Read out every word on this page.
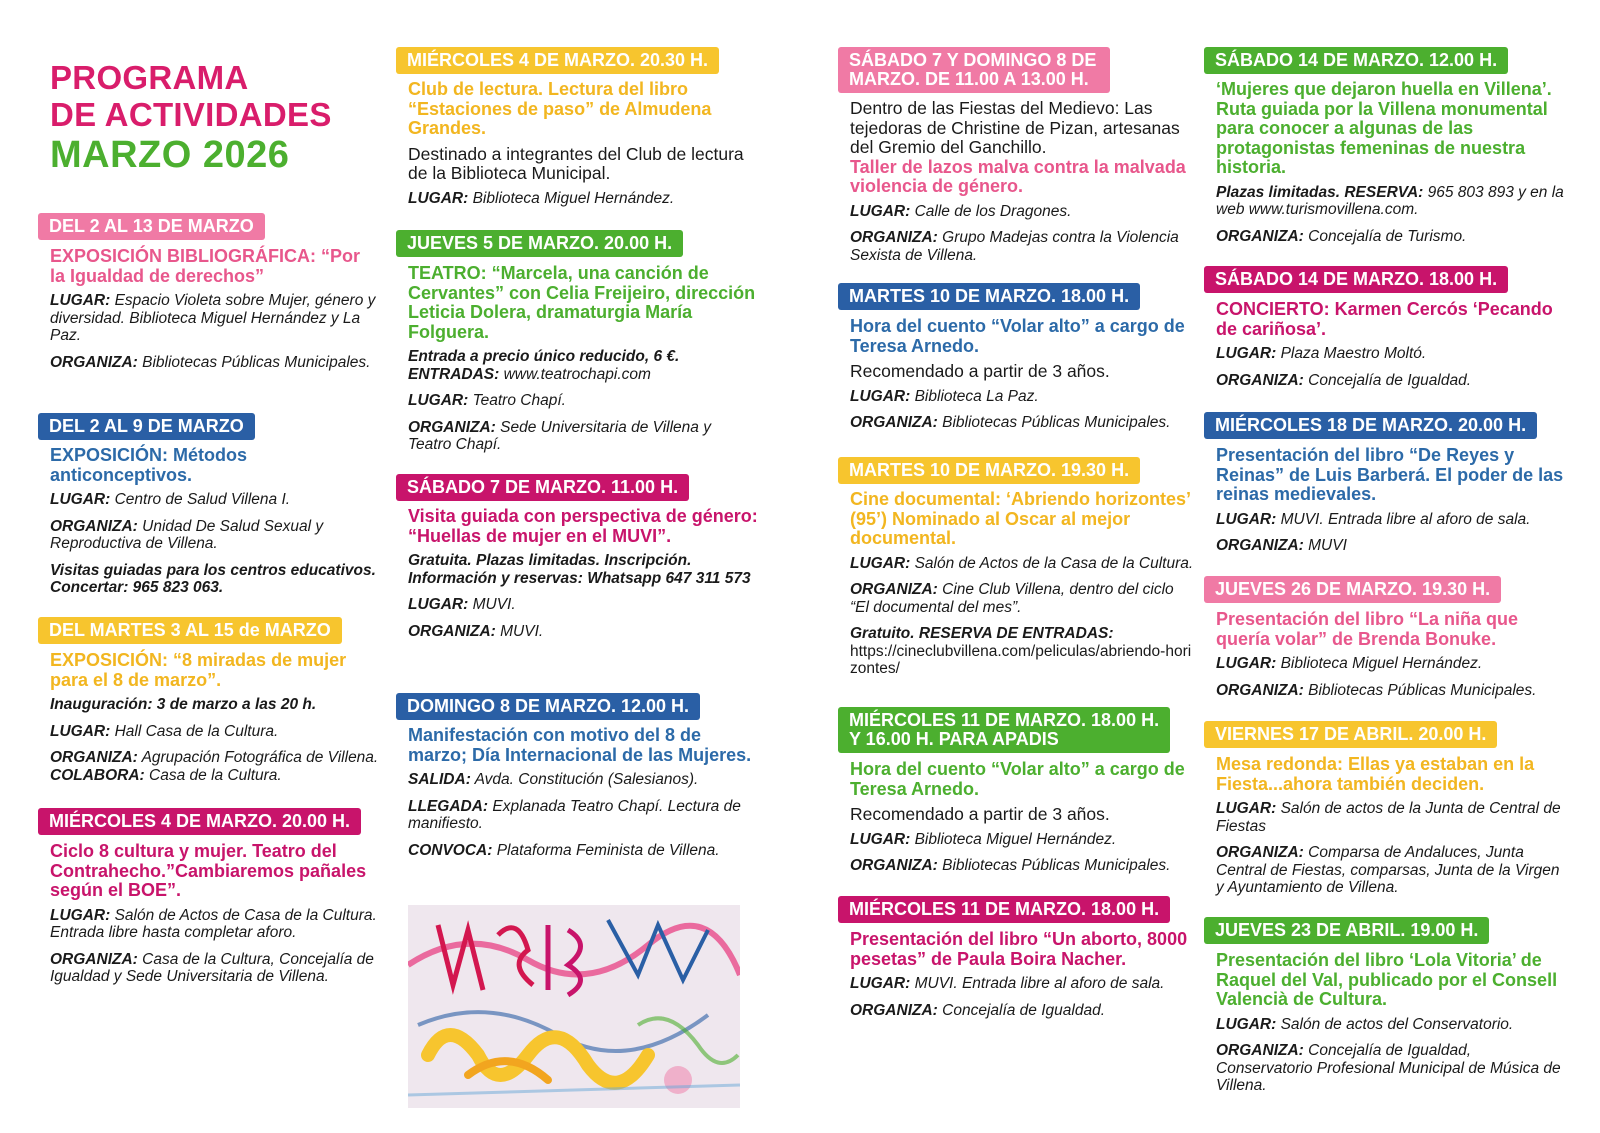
PROGRAMA
DE ACTIVIDADES
MARZO 2026
DEL 2 AL 13 DE MARZO
EXPOSICIÓN BIBLIOGRÁFICA: “Por la Igualdad de derechos”
LUGAR: Espacio Violeta sobre Mujer, género y diversidad. Biblioteca Miguel Hernández y La Paz.
ORGANIZA: Bibliotecas Públicas Municipales.
DEL 2 AL 9 DE MARZO
EXPOSICIÓN: Métodos anticonceptivos.
LUGAR: Centro de Salud Villena I.
ORGANIZA: Unidad De Salud Sexual y Reproductiva de Villena.
Visitas guiadas para los centros educativos. Concertar: 965 823 063.
DEL MARTES 3 AL 15 de MARZO
EXPOSICIÓN: “8 miradas de mujer para el 8 de marzo”.
Inauguración: 3 de marzo a las 20 h.
LUGAR: Hall Casa de la Cultura.
ORGANIZA: Agrupación Fotográfica de Villena. COLABORA: Casa de la Cultura.
MIÉRCOLES 4 DE MARZO. 20.00 H.
Ciclo 8 cultura y mujer. Teatro del Contrahecho.”Cambiaremos pañales según el BOE”.
LUGAR: Salón de Actos de Casa de la Cultura. Entrada libre hasta completar aforo.
ORGANIZA: Casa de la Cultura, Concejalía de Igualdad y Sede Universitaria de Villena.
MIÉRCOLES 4 DE MARZO. 20.30 H.
Club de lectura. Lectura del libro “Estaciones de paso” de Almudena Grandes.
Destinado a integrantes del Club de lectura de la Biblioteca Municipal.
LUGAR: Biblioteca Miguel Hernández.
JUEVES 5 DE MARZO. 20.00 H.
TEATRO: “Marcela, una canción de Cervantes” con Celia Freijeiro, dirección Leticia Dolera, dramaturgia María Folguera.
Entrada a precio único reducido, 6 €.
ENTRADAS: www.teatrochapi.com
LUGAR: Teatro Chapí.
ORGANIZA: Sede Universitaria de Villena y Teatro Chapí.
SÁBADO 7 DE MARZO. 11.00 H.
Visita guiada con perspectiva de género: “Huellas de mujer en el MUVI”.
Gratuita. Plazas limitadas. Inscripción. Información y reservas: Whatsapp 647 311 573
LUGAR: MUVI.
ORGANIZA: MUVI.
DOMINGO 8 DE MARZO. 12.00 H.
Manifestación con motivo del 8 de marzo; Día Internacional de las Mujeres.
SALIDA: Avda. Constitución (Salesianos).
LLEGADA: Explanada Teatro Chapí. Lectura de manifiesto.
CONVOCA: Plataforma Feminista de Villena.
SÁBADO 7 Y DOMINGO 8 DE MARZO. DE 11.00 A 13.00 H.
Dentro de las Fiestas del Medievo: Las tejedoras de Christine de Pizan, artesanas del Gremio del Ganchillo.
Taller de lazos malva contra la malvada violencia de género.
LUGAR: Calle de los Dragones.
ORGANIZA: Grupo Madejas contra la Violencia Sexista de Villena.
MARTES 10 DE MARZO. 18.00 H.
Hora del cuento “Volar alto” a cargo de Teresa Arnedo.
Recomendado a partir de 3 años.
LUGAR: Biblioteca La Paz.
ORGANIZA: Bibliotecas Públicas Municipales.
MARTES 10 DE MARZO. 19.30 H.
Cine documental: ‘Abriendo horizontes’ (95’) Nominado al Oscar al mejor documental.
LUGAR: Salón de Actos de la Casa de la Cultura.
ORGANIZA: Cine Club Villena, dentro del ciclo “El documental del mes”.
Gratuito. RESERVA DE ENTRADAS:
https://cineclubvillena.com/peliculas/abriendo-horizontes/
MIÉRCOLES 11 DE MARZO. 18.00 H.
Y 16.00 H. PARA APADIS
Hora del cuento “Volar alto” a cargo de Teresa Arnedo.
Recomendado a partir de 3 años.
LUGAR: Biblioteca Miguel Hernández.
ORGANIZA: Bibliotecas Públicas Municipales.
MIÉRCOLES 11 DE MARZO. 18.00 H.
Presentación del libro “Un aborto, 8000 pesetas” de Paula Boira Nacher.
LUGAR: MUVI. Entrada libre al aforo de sala.
ORGANIZA: Concejalía de Igualdad.
SÁBADO 14 DE MARZO. 12.00 H.
‘Mujeres que dejaron huella en Villena’. Ruta guiada por la Villena monumental para conocer a algunas de las protagonistas femeninas de nuestra historia.
Plazas limitadas. RESERVA: 965 803 893 y en la web www.turismovillena.com.
ORGANIZA: Concejalía de Turismo.
SÁBADO 14 DE MARZO. 18.00 H.
CONCIERTO: Karmen Cercós ‘Pecando de cariñosa’.
LUGAR: Plaza Maestro Moltó.
ORGANIZA: Concejalía de Igualdad.
MIÉRCOLES 18 DE MARZO. 20.00 H.
Presentación del libro “De Reyes y Reinas” de Luis Barberá. El poder de las reinas medievales.
LUGAR: MUVI. Entrada libre al aforo de sala.
ORGANIZA: MUVI
JUEVES 26 DE MARZO. 19.30 H.
Presentación del libro “La niña que quería volar” de Brenda Bonuke.
LUGAR: Biblioteca Miguel Hernández.
ORGANIZA: Bibliotecas Públicas Municipales.
VIERNES 17 DE ABRIL. 20.00 H.
Mesa redonda: Ellas ya estaban en la Fiesta...ahora también deciden.
LUGAR: Salón de actos de la Junta de Central de Fiestas
ORGANIZA: Comparsa de Andaluces, Junta Central de Fiestas, comparsas, Junta de la Virgen y Ayuntamiento de Villena.
JUEVES 23 DE ABRIL. 19.00 H.
Presentación del libro ‘Lola Vitoria’ de Raquel del Val, publicado por el Consell Valencià de Cultura.
LUGAR: Salón de actos del Conservatorio.
ORGANIZA: Concejalía de Igualdad, Conservatorio Profesional Municipal de Música de Villena.
